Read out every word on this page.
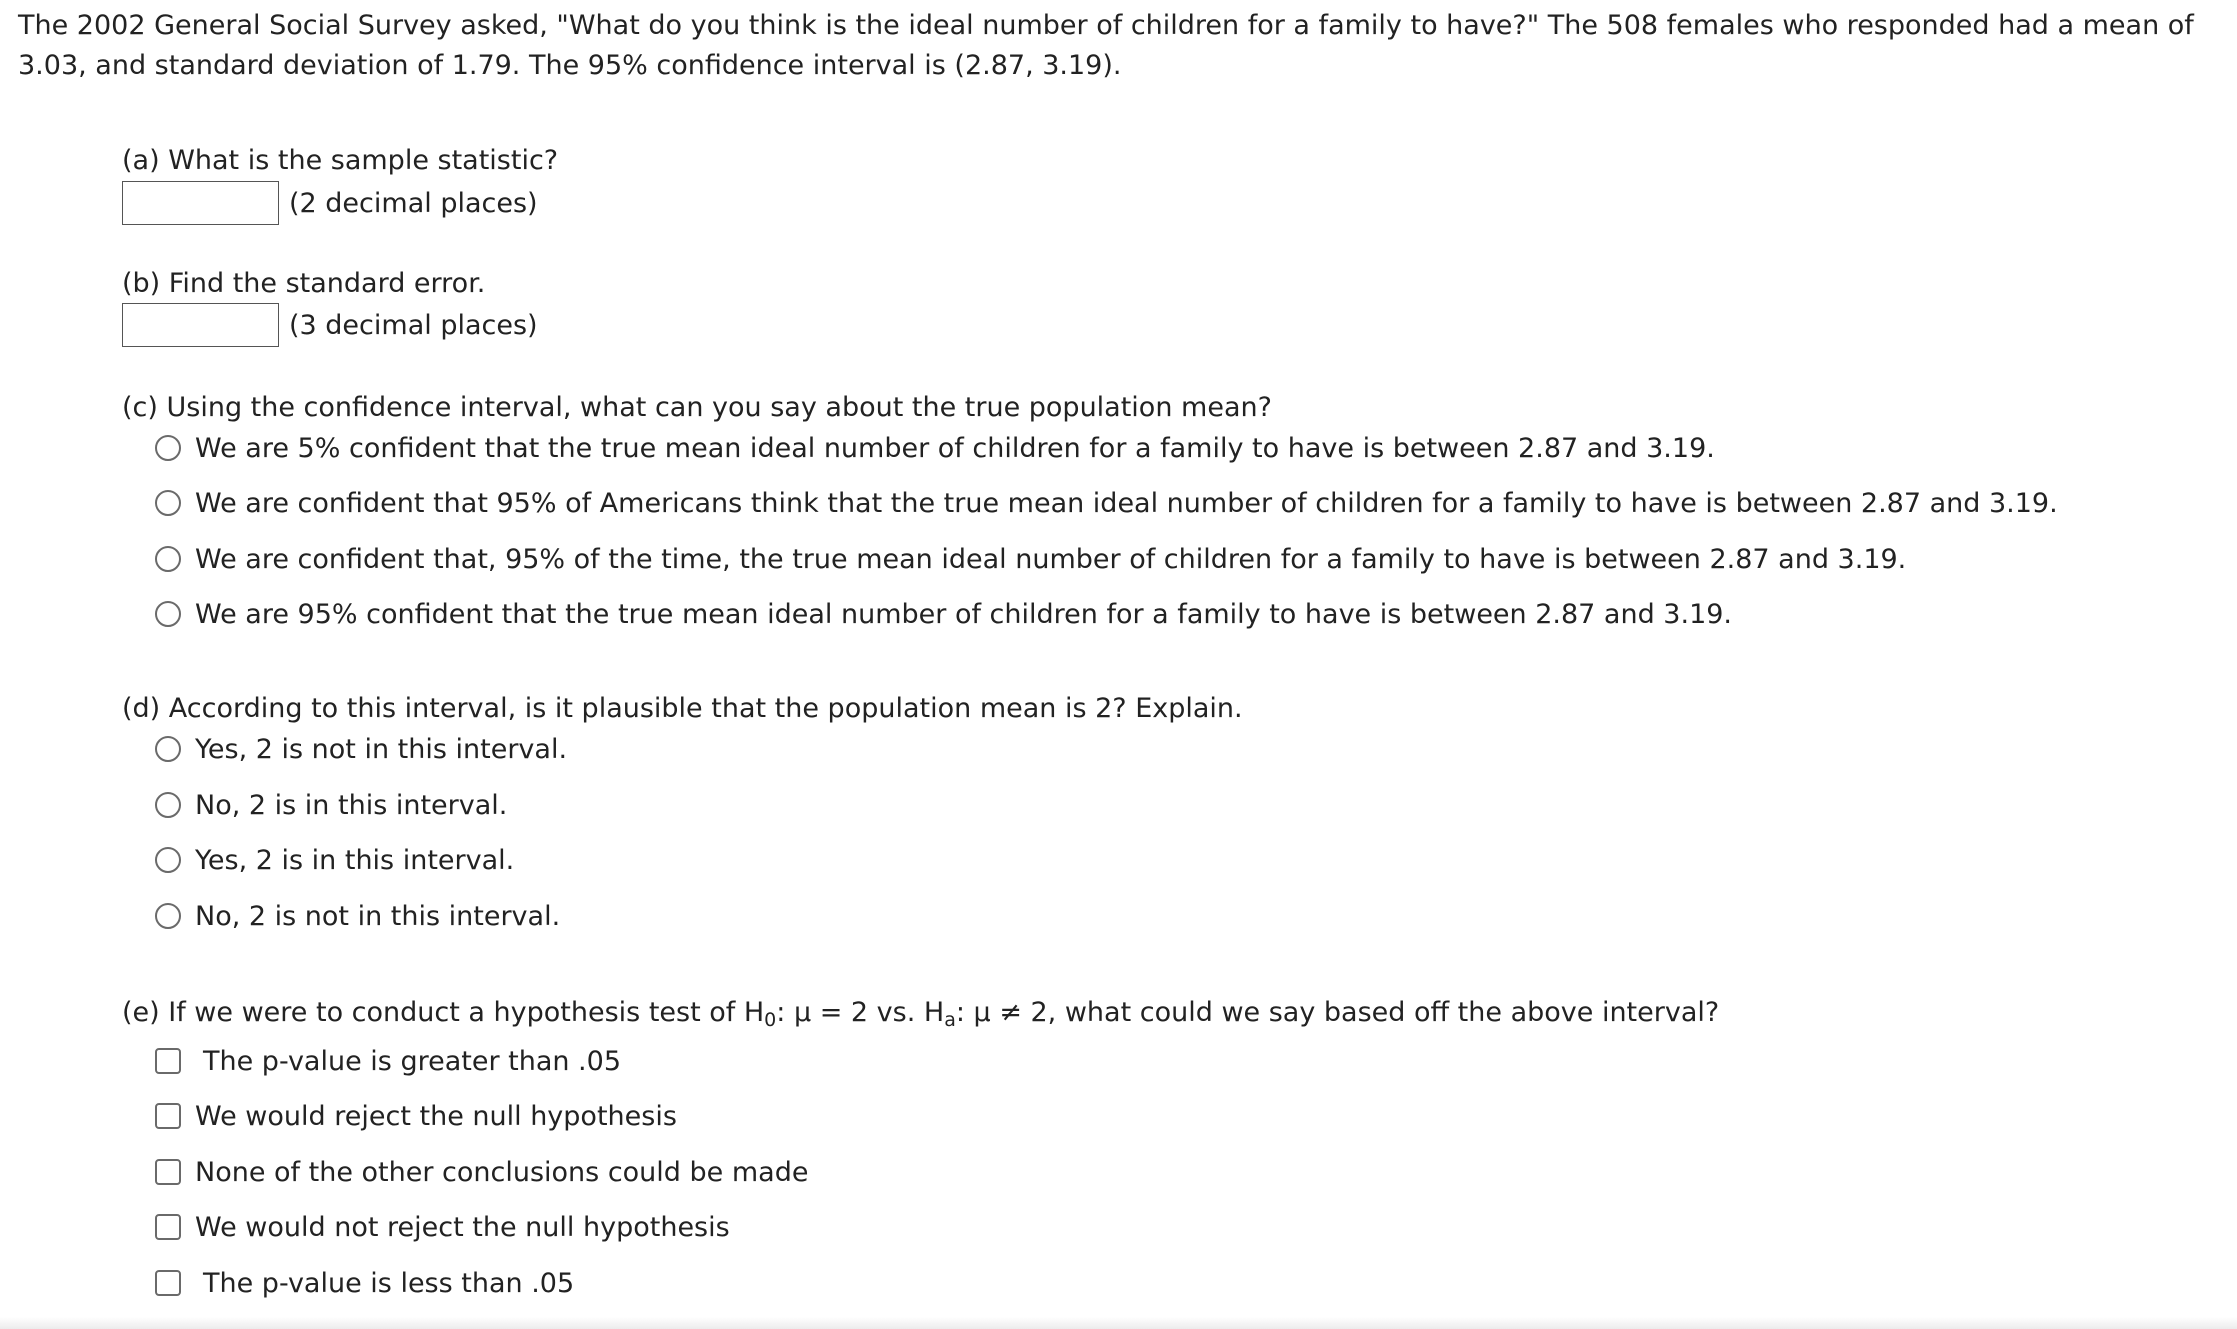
The 2002 General Social Survey asked, "What do you think is the ideal number of children for a family to have?" The 508 females who responded had a mean of 3.03, and standard deviation of 1.79. The 95% confidence interval is (2.87, 3.19).

(a) What is the sample statistic?

(2 decimal places)

(b) Find the standard error.

(3 decimal places)

(c) Using the confidence interval, what can you say about the true population mean?

We are 5% confident that the true mean ideal number of children for a family to have is between 2.87 and 3.19.
We are confident that 95% of Americans think that the true mean ideal number of children for a family to have is between 2.87 and 3.19.
We are confident that, 95% of the time, the true mean ideal number of children for a family to have is between 2.87 and 3.19.
We are 95% confident that the true mean ideal number of children for a family to have is between 2.87 and 3.19.

(d) According to this interval, is it plausible that the population mean is 2? Explain.

Yes, 2 is not in this interval.
No, 2 is in this interval.
Yes, 2 is in this interval.
No, 2 is not in this interval.

(e) If we were to conduct a hypothesis test of $H_0$: μ = 2 vs. $H_a$: μ ≠ 2, what could we say based off the above interval?

The p-value is greater than .05
We would reject the null hypothesis
None of the other conclusions could be made
We would not reject the null hypothesis
The p-value is less than .05
